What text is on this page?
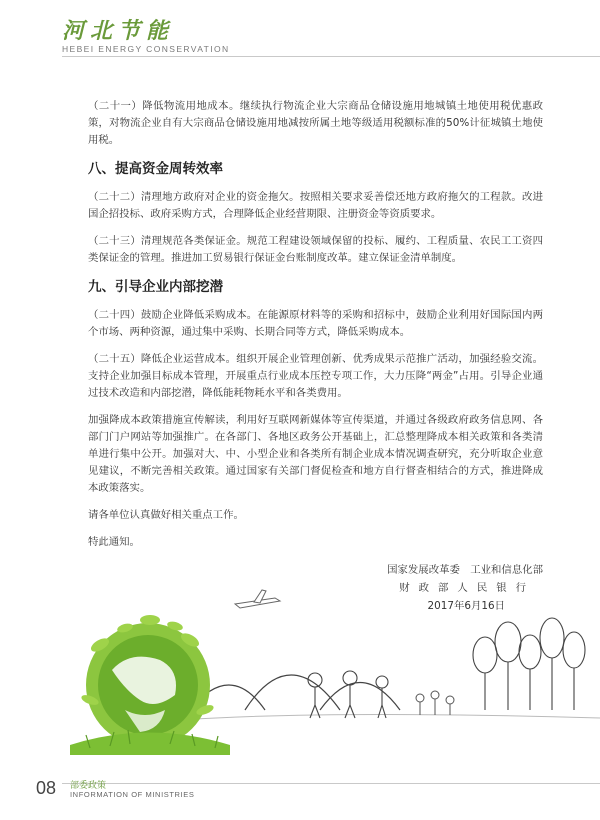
河北节能
HEBEI ENERGY CONSERVATION

（二十一）降低物流用地成本。继续执行物流企业大宗商品仓储设施用地城镇土地使用税优惠政策，对物流企业自有大宗商品仓储设施用地减按所属土地等级适用税额标准的50%计征城镇土地使用税。

八、提高资金周转效率

（二十二）清理地方政府对企业的资金拖欠。按照相关要求妥善偿还地方政府拖欠的工程款。改进国企招投标、政府采购方式，合理降低企业经营期限、注册资金等资质要求。

（二十三）清理规范各类保证金。规范工程建设领域保留的投标、履约、工程质量、农民工工资四类保证金的管理。推进加工贸易银行保证金台账制度改革。建立保证金清单制度。

九、引导企业内部挖潜

（二十四）鼓励企业降低采购成本。在能源原材料等的采购和招标中，鼓励企业利用好国际国内两个市场、两种资源，通过集中采购、长期合同等方式，降低采购成本。

（二十五）降低企业运营成本。组织开展企业管理创新、优秀成果示范推广活动，加强经验交流。支持企业加强目标成本管理，开展重点行业成本压控专项工作，大力压降“两金”占用。引导企业通过技术改造和内部挖潜，降低能耗物耗水平和各类费用。

加强降成本政策措施宣传解读，利用好互联网新媒体等宣传渠道，并通过各级政府政务信息网、各部门门户网站等加强推广。在各部门、各地区政务公开基础上，汇总整理降成本相关政策和各类清单进行集中公开。加强对大、中、小型企业和各类所有制企业成本情况调查研究，充分听取企业意见建议，不断完善相关政策。通过国家有关部门督促检查和地方自行督查相结合的方式，推进降成本政策落实。

请各单位认真做好相关重点工作。

特此通知。

国家发展改革委　工业和信息化部
财政部人民银行
2017年6月16日
08 部委政策
INFORMATION OF MINISTRIES
